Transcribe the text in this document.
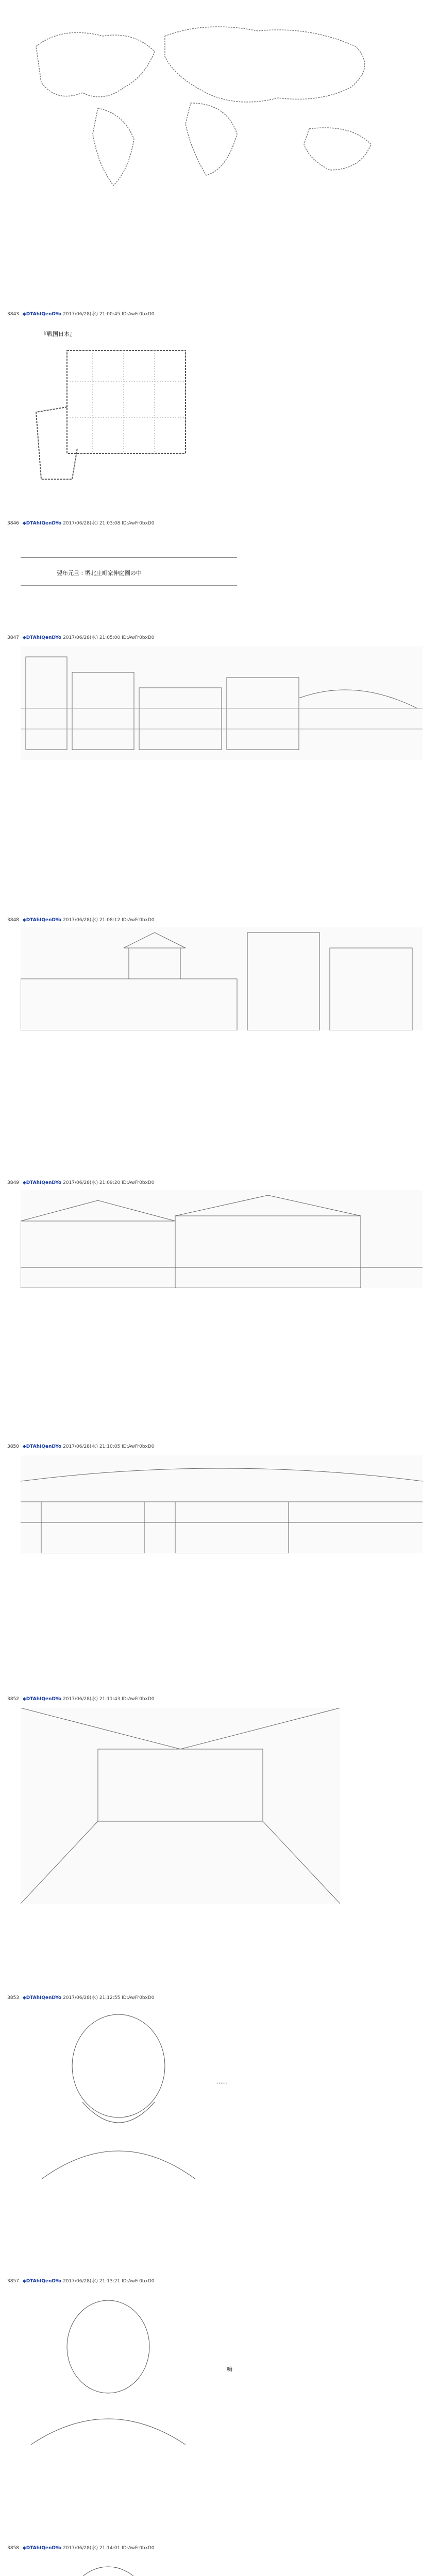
3843 ◆DTAhIQenDYo 2017/06/28(水) 21:00:45 ID:AwFr0bxD0
『戦国日本』
3846 ◆DTAhIQenDYo 2017/06/28(水) 21:03:08 ID:AwFr0bxD0
翌年元旦 : 堺北庄町家伸庭園の中
3847 ◆DTAhIQenDYo 2017/06/28(水) 21:05:00 ID:AwFr0bxD0
3848 ◆DTAhIQenDYo 2017/06/28(水) 21:08:12 ID:AwFr0bxD0
3849 ◆DTAhIQenDYo 2017/06/28(水) 21:09:20 ID:AwFr0bxD0
3850 ◆DTAhIQenDYo 2017/06/28(水) 21:10:05 ID:AwFr0bxD0
3852 ◆DTAhIQenDYo 2017/06/28(水) 21:11:43 ID:AwFr0bxD0
3853 ◆DTAhIQenDYo 2017/06/28(水) 21:12:55 ID:AwFr0bxD0
……
3857 ◆DTAhIQenDYo 2017/06/28(水) 21:13:21 ID:AwFr0bxD0
嗚
3858 ◆DTAhIQenDYo 2017/06/28(水) 21:14:01 ID:AwFr0bxD0
